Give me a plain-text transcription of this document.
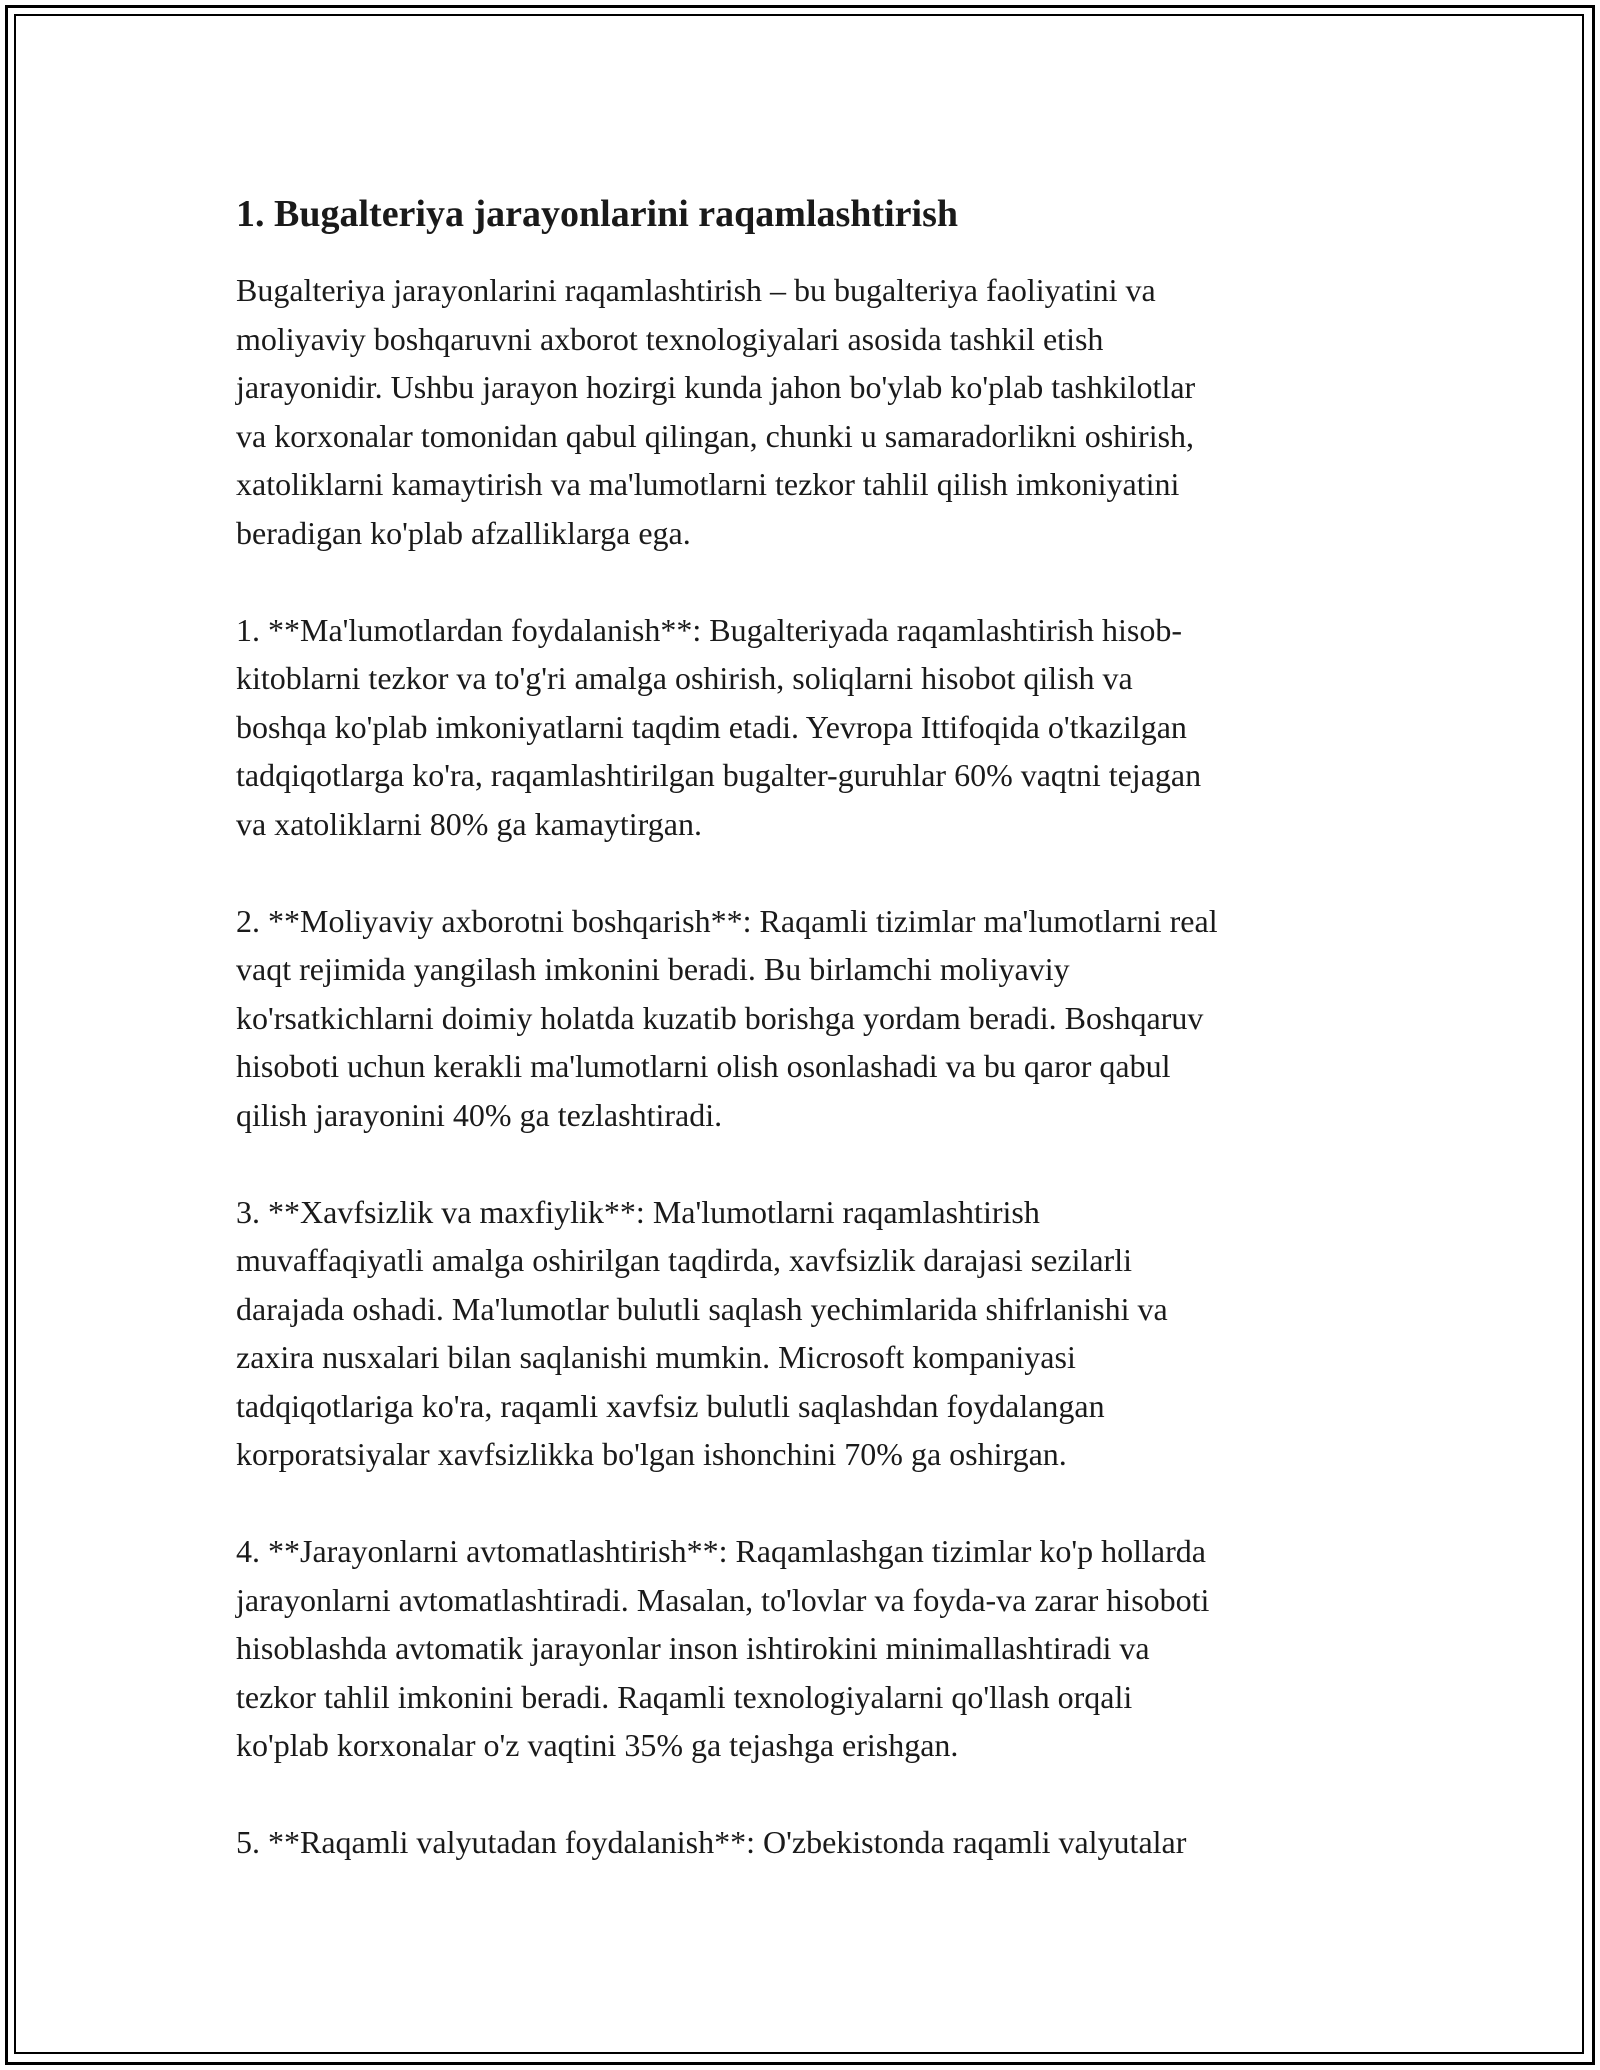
1. Bugalteriya jarayonlarini raqamlashtirish

Bugalteriya jarayonlarini raqamlashtirish – bu bugalteriya faoliyatini va
moliyaviy boshqaruvni axborot texnologiyalari asosida tashkil etish
jarayonidir. Ushbu jarayon hozirgi kunda jahon bo'ylab ko'plab tashkilotlar
va korxonalar tomonidan qabul qilingan, chunki u samaradorlikni oshirish,
xatoliklarni kamaytirish va ma'lumotlarni tezkor tahlil qilish imkoniyatini
beradigan ko'plab afzalliklarga ega.

1. **Ma'lumotlardan foydalanish**: Bugalteriyada raqamlashtirish hisob-
kitoblarni tezkor va to'g'ri amalga oshirish, soliqlarni hisobot qilish va
boshqa ko'plab imkoniyatlarni taqdim etadi. Yevropa Ittifoqida o'tkazilgan
tadqiqotlarga ko'ra, raqamlashtirilgan bugalter-guruhlar 60% vaqtni tejagan
va xatoliklarni 80% ga kamaytirgan.

2. **Moliyaviy axborotni boshqarish**: Raqamli tizimlar ma'lumotlarni real
vaqt rejimida yangilash imkonini beradi. Bu birlamchi moliyaviy
ko'rsatkichlarni doimiy holatda kuzatib borishga yordam beradi. Boshqaruv
hisoboti uchun kerakli ma'lumotlarni olish osonlashadi va bu qaror qabul
qilish jarayonini 40% ga tezlashtiradi.

3. **Xavfsizlik va maxfiylik**: Ma'lumotlarni raqamlashtirish
muvaffaqiyatli amalga oshirilgan taqdirda, xavfsizlik darajasi sezilarli
darajada oshadi. Ma'lumotlar bulutli saqlash yechimlarida shifrlanishi va
zaxira nusxalari bilan saqlanishi mumkin. Microsoft kompaniyasi
tadqiqotlariga ko'ra, raqamli xavfsiz bulutli saqlashdan foydalangan
korporatsiyalar xavfsizlikka bo'lgan ishonchini 70% ga oshirgan.

4. **Jarayonlarni avtomatlashtirish**: Raqamlashgan tizimlar ko'p hollarda
jarayonlarni avtomatlashtiradi. Masalan, to'lovlar va foyda-va zarar hisoboti
hisoblashda avtomatik jarayonlar inson ishtirokini minimallashtiradi va
tezkor tahlil imkonini beradi. Raqamli texnologiyalarni qo'llash orqali
ko'plab korxonalar o'z vaqtini 35% ga tejashga erishgan.

5. **Raqamli valyutadan foydalanish**: O'zbekistonda raqamli valyutalar
